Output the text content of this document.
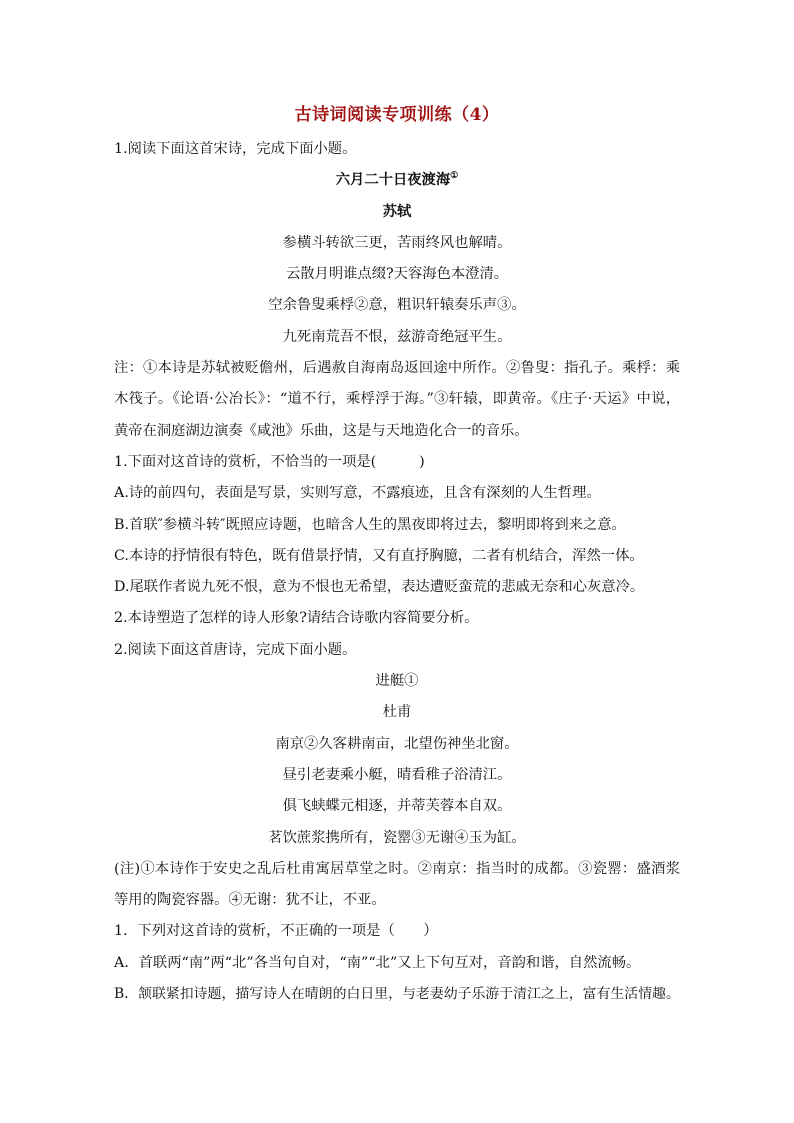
古诗词阅读专项训练（4）
1.阅读下面这首宋诗，完成下面小题。
六月二十日夜渡海①
苏轼
参横斗转欲三更，苦雨终风也解晴。
云散月明谁点缀?天容海色本澄清。
空余鲁叟乘桴②意，粗识轩辕奏乐声③。
九死南荒吾不恨，兹游奇绝冠平生。
注：①本诗是苏轼被贬儋州，后遇赦自海南岛返回途中所作。②鲁叟：指孔子。乘桴：乘木筏子。《论语·公冶长》：“道不行，乘桴浮于海。”③轩辕，即黄帝。《庄子·天运》中说，黄帝在洞庭湖边演奏《咸池》乐曲，这是与天地造化合一的音乐。
1.下面对这首诗的赏析，不恰当的一项是(　　　)
A.诗的前四句，表面是写景，实则写意，不露痕迹，且含有深刻的人生哲理。
B.首联″参横斗转″既照应诗题，也暗含人生的黑夜即将过去，黎明即将到来之意。
C.本诗的抒情很有特色，既有借景抒情，又有直抒胸臆，二者有机结合，浑然一体。
D.尾联作者说九死不恨，意为不恨也无希望，表达遭贬蛮荒的悲戚无奈和心灰意冷。
2.本诗塑造了怎样的诗人形象?请结合诗歌内容简要分析。
2.阅读下面这首唐诗，完成下面小题。
进艇①
杜甫
南京②久客耕南亩，北望伤神坐北窗。
昼引老妻乘小艇，晴看稚子浴清江。
俱飞蛱蝶元相逐，并蒂芙蓉本自双。
茗饮蔗浆携所有，瓷罂③无谢④玉为缸。
(注)①本诗作于安史之乱后杜甫寓居草堂之时。②南京：指当时的成都。③瓷罂：盛酒浆等用的陶瓷容器。④无谢：犹不让，不亚。
1．下列对这首诗的赏析，不正确的一项是（　　）
A．首联两“南”两“北”各当句自对，“南”“北”又上下句互对，音韵和谐，自然流畅。
B．颔联紧扣诗题，描写诗人在晴朗的白日里，与老妻幼子乐游于清江之上，富有生活情趣。
